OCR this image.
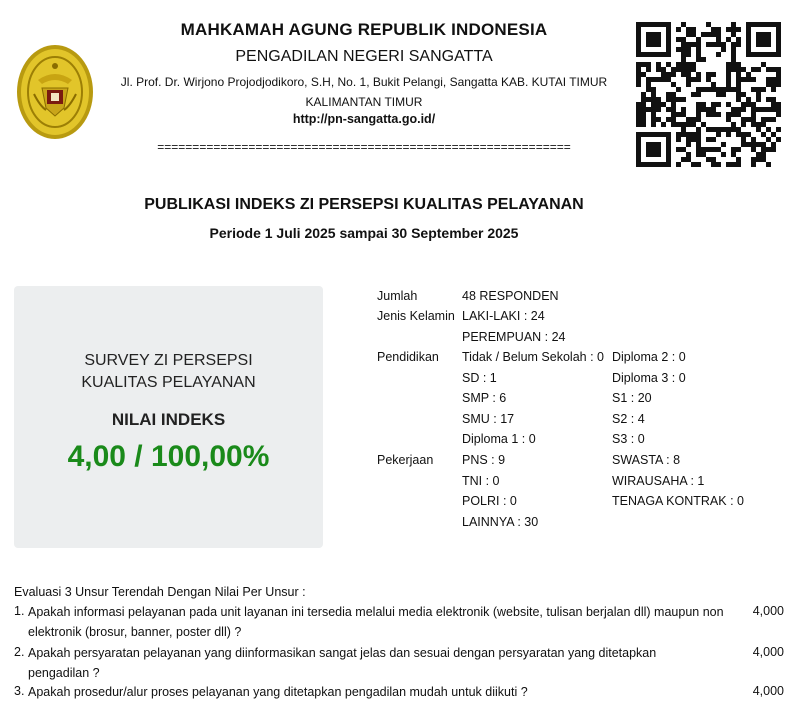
MAHKAMAH AGUNG REPUBLIK INDONESIA
PENGADILAN NEGERI SANGATTA
Jl. Prof. Dr. Wirjono Projodjodikoro, S.H, No. 1, Bukit Pelangi, Sangatta KAB. KUTAI TIMUR
KALIMANTAN TIMUR
http://pn-sangatta.go.id/
===========================================================
PUBLIKASI INDEKS ZI PERSEPSI KUALITAS PELAYANAN
Periode 1 Juli 2025 sampai 30 September 2025
SURVEY ZI PERSEPSI
KUALITAS PELAYANAN
NILAI INDEKS
4,00 / 100,00%
Jumlah	48 RESPONDEN
Jenis Kelamin LAKI-LAKI : 24
PEREMPUAN : 24
Pendidikan Tidak / Belum Sekolah : 0
SD : 1
SMP : 6
SMU : 17
Diploma 1 : 0
Diploma 2 : 0
Diploma 3 : 0
S1 : 20
S2 : 4
S3 : 0
Pekerjaan PNS : 9
TNI : 0
POLRI : 0
LAINNYA : 30
SWASTA : 8
WIRAUSAHA : 1
TENAGA KONTRAK : 0
Evaluasi 3 Unsur Terendah Dengan Nilai Per Unsur :
1. Apakah informasi pelayanan pada unit layanan ini tersedia melalui media elektronik (website, tulisan berjalan dll) maupun non elektronik (brosur, banner, poster dll) ?
4,000
2. Apakah persyaratan pelayanan yang diinformasikan sangat jelas dan sesuai dengan persyaratan yang ditetapkan pengadilan ?
4,000
3. Apakah prosedur/alur proses pelayanan yang ditetapkan pengadilan mudah untuk diikuti ?	4,000
